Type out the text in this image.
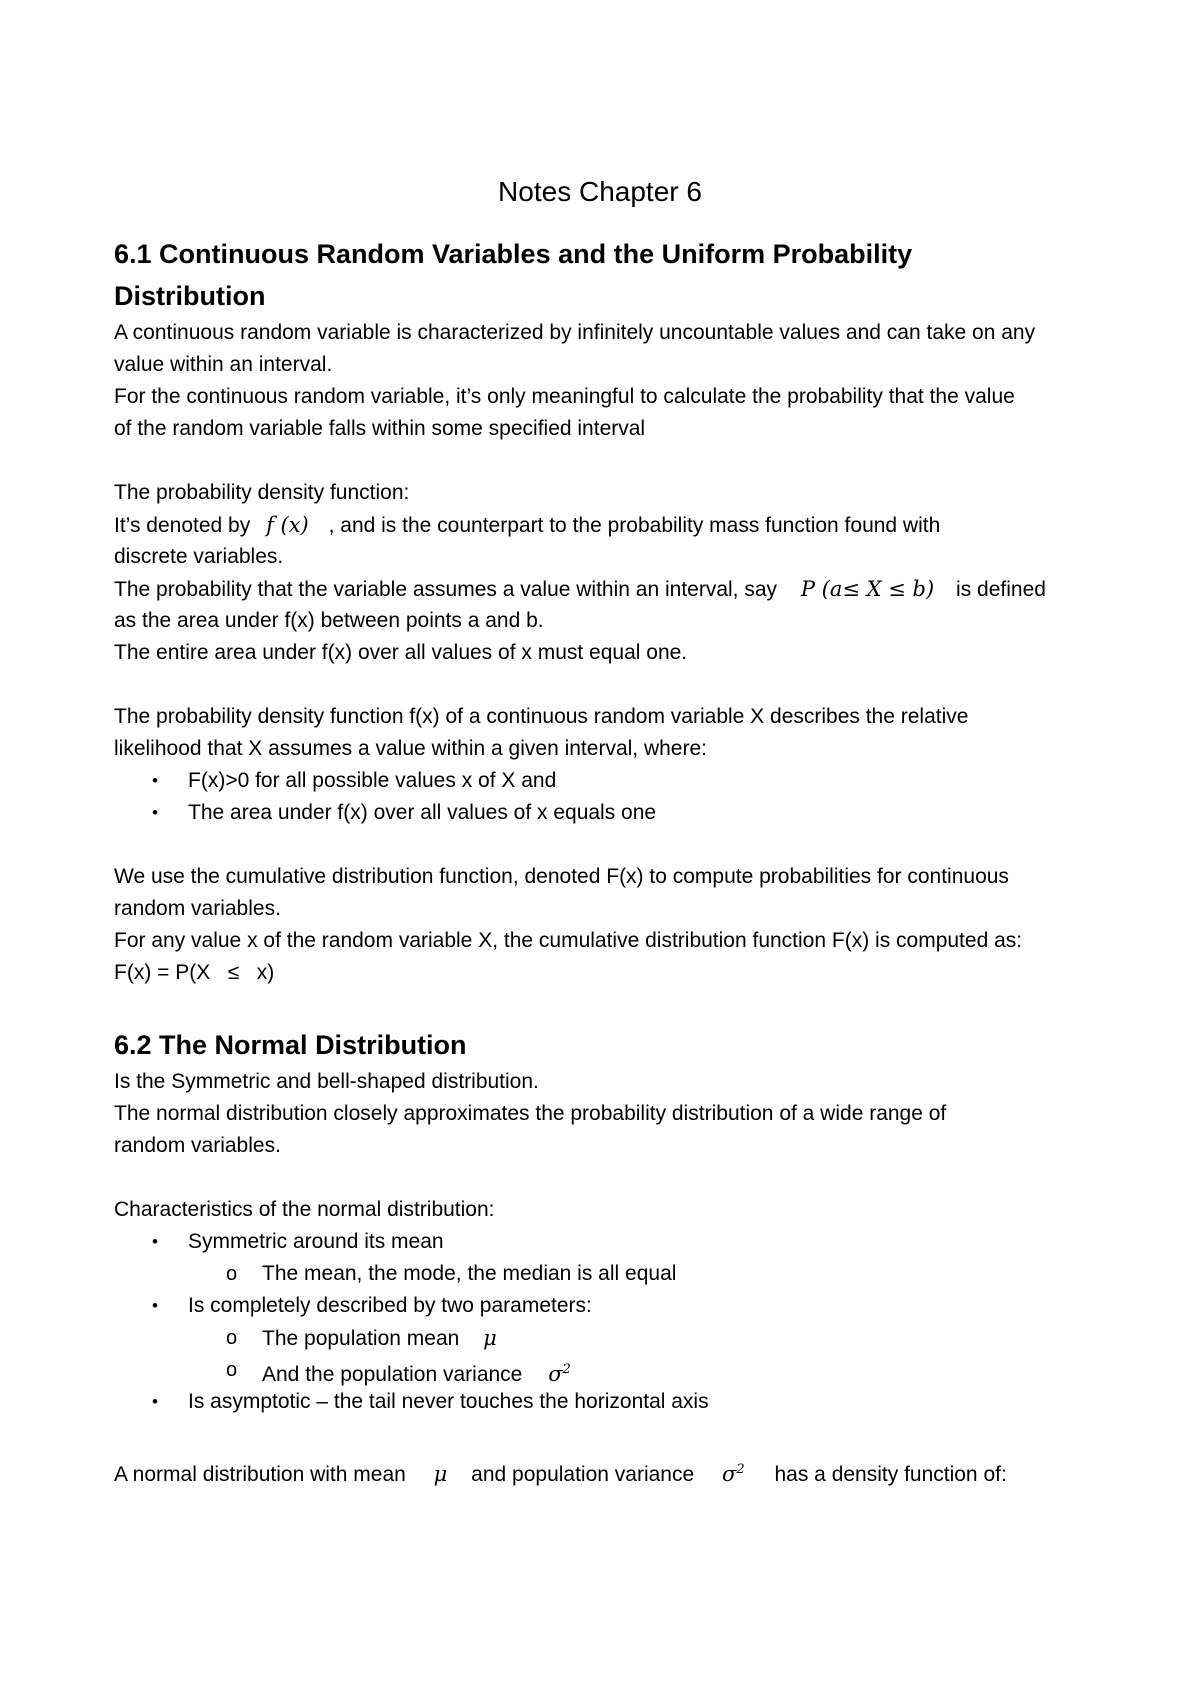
Notes Chapter 6
6.1 Continuous Random Variables and the Uniform Probability
Distribution
A continuous random variable is characterized by infinitely uncountable values and can take on any
value within an interval.
For the continuous random variable, it’s only meaningful to calculate the probability that the value
of the random variable falls within some specified interval
The probability density function:
It’s denoted by f (x) , and is the counterpart to the probability mass function found with
discrete variables.
The probability that the variable assumes a value within an interval, say P (a≤ X ≤ b) is defined
as the area under f(x) between points a and b.
The entire area under f(x) over all values of x must equal one.
The probability density function f(x) of a continuous random variable X describes the relative
likelihood that X assumes a value within a given interval, where:
• F(x)>0 for all possible values x of X and
• The area under f(x) over all values of x equals one
We use the cumulative distribution function, denoted F(x) to compute probabilities for continuous
random variables.
For any value x of the random variable X, the cumulative distribution function F(x) is computed as:
F(x) = P(X   ≤   x)
6.2 The Normal Distribution
Is the Symmetric and bell-shaped distribution.
The normal distribution closely approximates the probability distribution of a wide range of
random variables.
Characteristics of the normal distribution:
• Symmetric around its mean
o The mean, the mode, the median is all equal
• Is completely described by two parameters:
o The population mean μ
o And the population variance $\sigma^2$
• Is asymptotic – the tail never touches the horizontal axis
A normal distribution with mean μ and population variance $\sigma^2$ has a density function of:
